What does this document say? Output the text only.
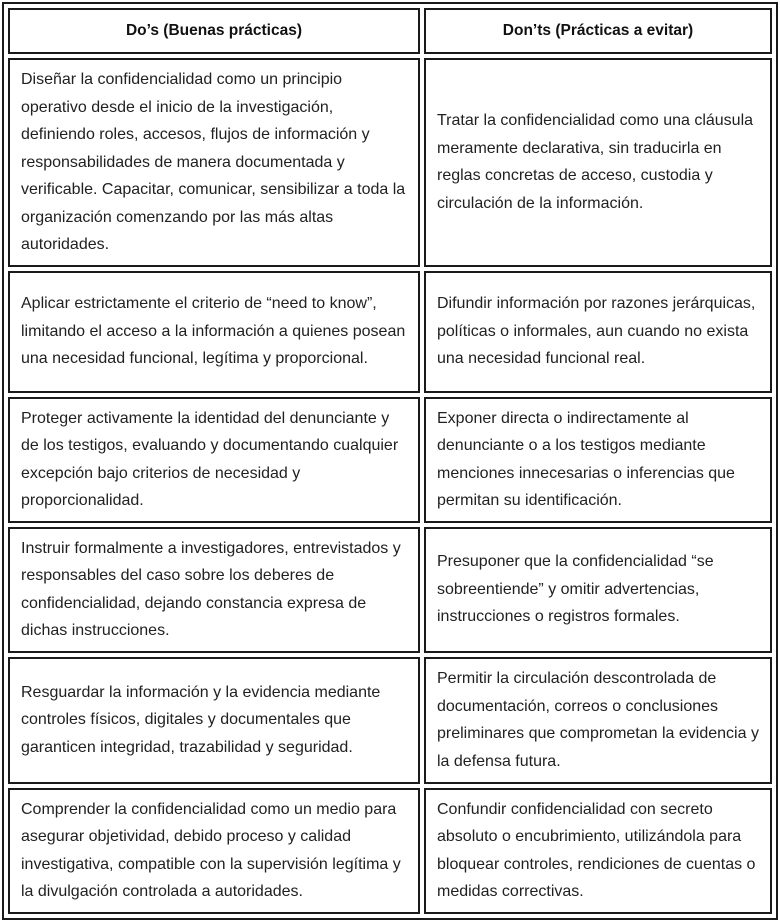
Do’s (Buenas prácticas)	Don’ts (Prácticas a evitar)
Diseñar la confidencialidad como un principio operativo desde el inicio de la investigación, definiendo roles, accesos, flujos de información y responsabilidades de manera documentada y verificable. Capacitar, comunicar, sensibilizar a toda la organización comenzando por las más altas autoridades.	Tratar la confidencialidad como una cláusula meramente declarativa, sin traducirla en reglas concretas de acceso, custodia y circulación de la información.
Aplicar estrictamente el criterio de “need to know”, limitando el acceso a la información a quienes posean una necesidad funcional, legítima y proporcional.	Difundir información por razones jerárquicas, políticas o informales, aun cuando no exista una necesidad funcional real.
Proteger activamente la identidad del denunciante y de los testigos, evaluando y documentando cualquier excepción bajo criterios de necesidad y proporcionalidad.	Exponer directa o indirectamente al denunciante o a los testigos mediante menciones innecesarias o inferencias que permitan su identificación.
Instruir formalmente a investigadores, entrevistados y responsables del caso sobre los deberes de confidencialidad, dejando constancia expresa de dichas instrucciones.	Presuponer que la confidencialidad “se sobreentiende” y omitir advertencias, instrucciones o registros formales.
Resguardar la información y la evidencia mediante controles físicos, digitales y documentales que garanticen integridad, trazabilidad y seguridad.	Permitir la circulación descontrolada de documentación, correos o conclusiones preliminares que comprometan la evidencia y la defensa futura.
Comprender la confidencialidad como un medio para asegurar objetividad, debido proceso y calidad investigativa, compatible con la supervisión legítima y la divulgación controlada a autoridades.	Confundir confidencialidad con secreto absoluto o encubrimiento, utilizándola para bloquear controles, rendiciones de cuentas o medidas correctivas.
